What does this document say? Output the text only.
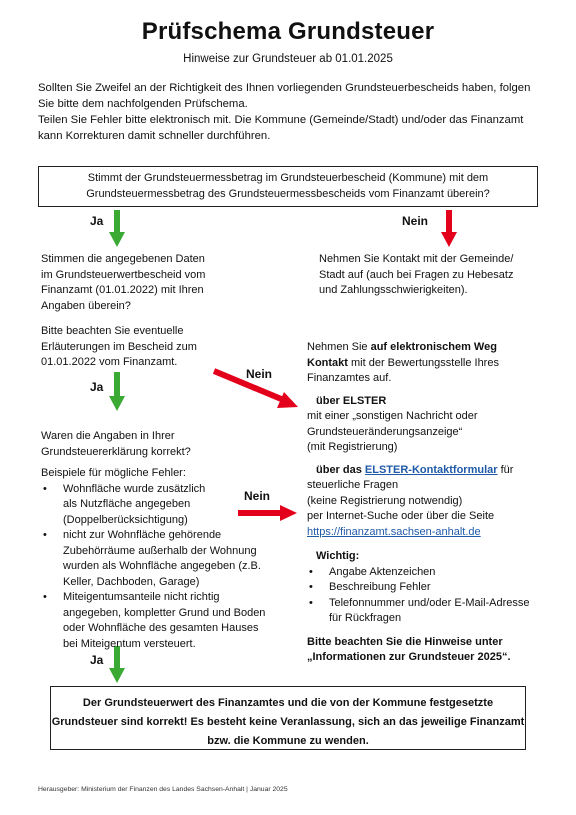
Prüfschema Grundsteuer
Hinweise zur Grundsteuer ab 01.01.2025
Sollten Sie Zweifel an der Richtigkeit des Ihnen vorliegenden Grundsteuerbescheids haben, folgen
Sie bitte dem nachfolgenden Prüfschema.
Teilen Sie Fehler bitte elektronisch mit. Die Kommune (Gemeinde/Stadt) und/oder das Finanzamt
kann Korrekturen damit schneller durchführen.
Stimmt der Grundsteuermessbetrag im Grundsteuerbescheid (Kommune) mit dem
Grundsteuermessbetrag des Grundsteuermessbescheids vom Finanzamt überein?
Ja	Nein
Ja
Nein
Nein
Ja
Stimmen die angegebenen Daten
im Grundsteuerwertbescheid vom
Finanzamt (01.01.2022) mit Ihren
Angaben überein?
Bitte beachten Sie eventuelle
Erläuterungen im Bescheid zum
01.01.2022 vom Finanzamt.
Nehmen Sie Kontakt mit der Gemeinde/
Stadt auf (auch bei Fragen zu Hebesatz
und Zahlungsschwierigkeiten).
Waren die Angaben in Ihrer
Grundsteuererklärung korrekt?
Beispiele für mögliche Fehler:
• Wohnfläche wurde zusätzlich
als Nutzfläche angegeben
(Doppelberücksichtigung)
• nicht zur Wohnfläche gehörende
Zubehörräume außerhalb der Wohnung
wurden als Wohnfläche angegeben (z.B.
Keller, Dachboden, Garage)
• Miteigentumsanteile nicht richtig
angegeben, kompletter Grund und Boden
oder Wohnfläche des gesamten Hauses
bei Miteigentum versteuert.
Nehmen Sie auf elektronischem Weg
Kontakt mit der Bewertungsstelle Ihres
Finanzamtes auf.
über ELSTER
mit einer „sonstigen Nachricht oder
Grundsteueränderungsanzeige“
(mit Registrierung)
über das ELSTER-Kontaktformular für
steuerliche Fragen
(keine Registrierung notwendig)
per Internet-Suche oder über die Seite
https://finanzamt.sachsen-anhalt.de
Wichtig:
• Angabe Aktenzeichen
• Beschreibung Fehler
• Telefonnummer und/oder E-Mail-Adresse
für Rückfragen
Bitte beachten Sie die Hinweise unter
„Informationen zur Grundsteuer 2025“.
Der Grundsteuerwert des Finanzamtes und die von der Kommune festgesetzte
Grundsteuer sind korrekt! Es besteht keine Veranlassung, sich an das jeweilige Finanzamt
bzw. die Kommune zu wenden.
Herausgeber: Ministerium der Finanzen des Landes Sachsen-Anhalt | Januar 2025
